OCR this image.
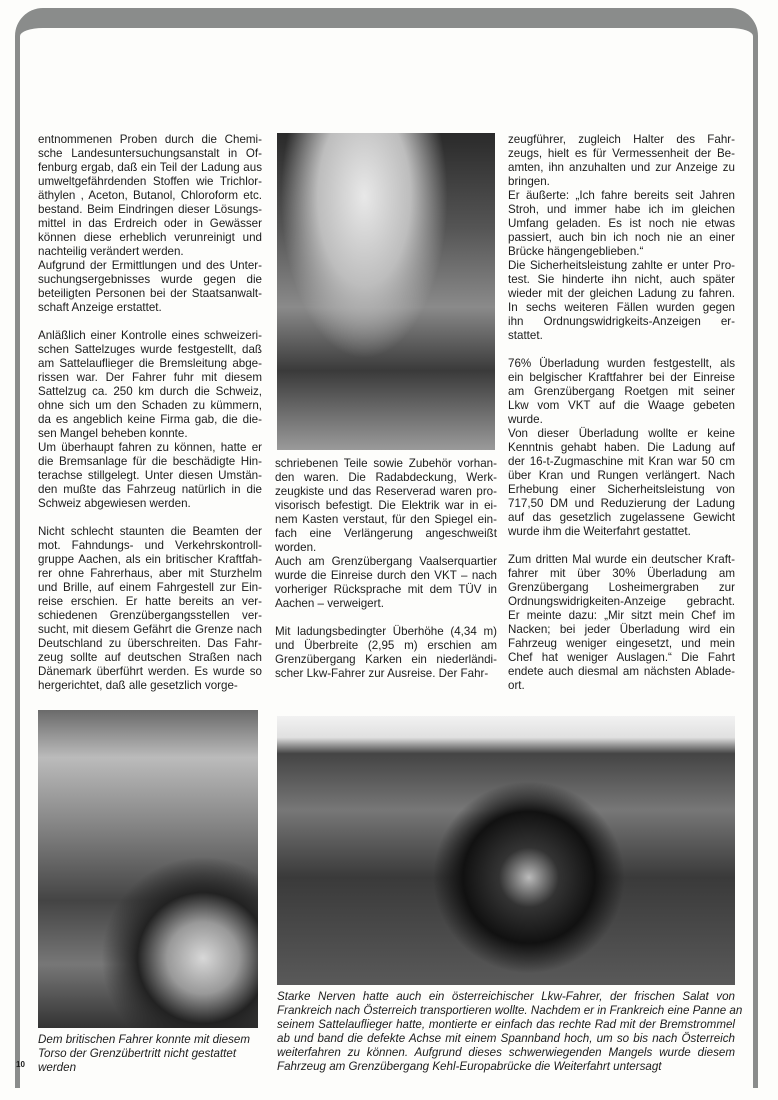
entnommenen Proben durch die Chemi-
sche Landesuntersuchungsanstalt in Of-
fenburg ergab, daß ein Teil der Ladung aus
umweltgefährdenden Stoffen wie Trichlor-
äthylen , Aceton, Butanol, Chloroform etc.
bestand. Beim Eindringen dieser Lösungs-
mittel in das Erdreich oder in Gewässer
können diese erheblich verunreinigt und
nachteilig verändert werden.
Aufgrund der Ermittlungen und des Unter-
suchungsergebnisses wurde gegen die
beteiligten Personen bei der Staatsanwalt-
schaft Anzeige erstattet.
Anläßlich einer Kontrolle eines schweizeri-
schen Sattelzuges wurde festgestellt, daß
am Sattelauflieger die Bremsleitung abge-
rissen war. Der Fahrer fuhr mit diesem
Sattelzug ca. 250 km durch die Schweiz,
ohne sich um den Schaden zu kümmern,
da es angeblich keine Firma gab, die die-
sen Mangel beheben konnte.
Um überhaupt fahren zu können, hatte er
die Bremsanlage für die beschädigte Hin-
terachse stillgelegt. Unter diesen Umstän-
den mußte das Fahrzeug natürlich in die
Schweiz abgewiesen werden.
Nicht schlecht staunten die Beamten der
mot. Fahndungs- und Verkehrskontroll-
gruppe Aachen, als ein britischer Kraftfah-
rer ohne Fahrerhaus, aber mit Sturzhelm
und Brille, auf einem Fahrgestell zur Ein-
reise erschien. Er hatte bereits an ver-
schiedenen Grenzübergangsstellen ver-
sucht, mit diesem Gefährt die Grenze nach
Deutschland zu überschreiten. Das Fahr-
zeug sollte auf deutschen Straßen nach
Dänemark überführt werden. Es wurde so
hergerichtet, daß alle gesetzlich vorge-
schriebenen Teile sowie Zubehör vorhan-
den waren. Die Radabdeckung, Werk-
zeugkiste und das Reserverad waren pro-
visorisch befestigt. Die Elektrik war in ei-
nem Kasten verstaut, für den Spiegel ein-
fach eine Verlängerung angeschweißt
worden.
Auch am Grenzübergang Vaalserquartier
wurde die Einreise durch den VKT – nach
vorheriger Rücksprache mit dem TÜV in
Aachen – verweigert.
Mit ladungsbedingter Überhöhe (4,34 m)
und Überbreite (2,95 m) erschien am
Grenzübergang Karken ein niederländi-
scher Lkw-Fahrer zur Ausreise. Der Fahr-
zeugführer, zugleich Halter des Fahr-
zeugs, hielt es für Vermessenheit der Be-
amten, ihn anzuhalten und zur Anzeige zu
bringen.
Er äußerte: „Ich fahre bereits seit Jahren
Stroh, und immer habe ich im gleichen
Umfang geladen. Es ist noch nie etwas
passiert, auch bin ich noch nie an einer
Brücke hängengeblieben.“
Die Sicherheitsleistung zahlte er unter Pro-
test. Sie hinderte ihn nicht, auch später
wieder mit der gleichen Ladung zu fahren.
In sechs weiteren Fällen wurden gegen
ihn Ordnungswidrigkeits-Anzeigen er-
stattet.
76% Überladung wurden festgestellt, als
ein belgischer Kraftfahrer bei der Einreise
am Grenzübergang Roetgen mit seiner
Lkw vom VKT auf die Waage gebeten
wurde.
Von dieser Überladung wollte er keine
Kenntnis gehabt haben. Die Ladung auf
der 16-t-Zugmaschine mit Kran war 50 cm
über Kran und Rungen verlängert. Nach
Erhebung einer Sicherheitsleistung von
717,50 DM und Reduzierung der Ladung
auf das gesetzlich zugelassene Gewicht
wurde ihm die Weiterfahrt gestattet.
Zum dritten Mal wurde ein deutscher Kraft-
fahrer mit über 30% Überladung am
Grenzübergang Losheimergraben zur
Ordnungswidrigkeiten-Anzeige gebracht.
Er meinte dazu: „Mir sitzt mein Chef im
Nacken; bei jeder Überladung wird ein
Fahrzeug weniger eingesetzt, und mein
Chef hat weniger Auslagen.“ Die Fahrt
endete auch diesmal am nächsten Ablade-
ort.
Starke Nerven hatte auch ein österreichischer Lkw-Fahrer, der frischen Salat von
Frankreich nach Österreich transportieren wollte. Nachdem er in Frankreich eine Panne an
seinem Sattelauflieger hatte, montierte er einfach das rechte Rad mit der Bremstrommel
ab und band die defekte Achse mit einem Spannband hoch, um so bis nach Österreich
weiterfahren zu können. Aufgrund dieses schwerwiegenden Mangels wurde diesem
Fahrzeug am Grenzübergang Kehl-Europabrücke die Weiterfahrt untersagt
Dem britischen Fahrer konnte mit diesem
Torso der Grenzübertritt nicht gestattet
werden
10
